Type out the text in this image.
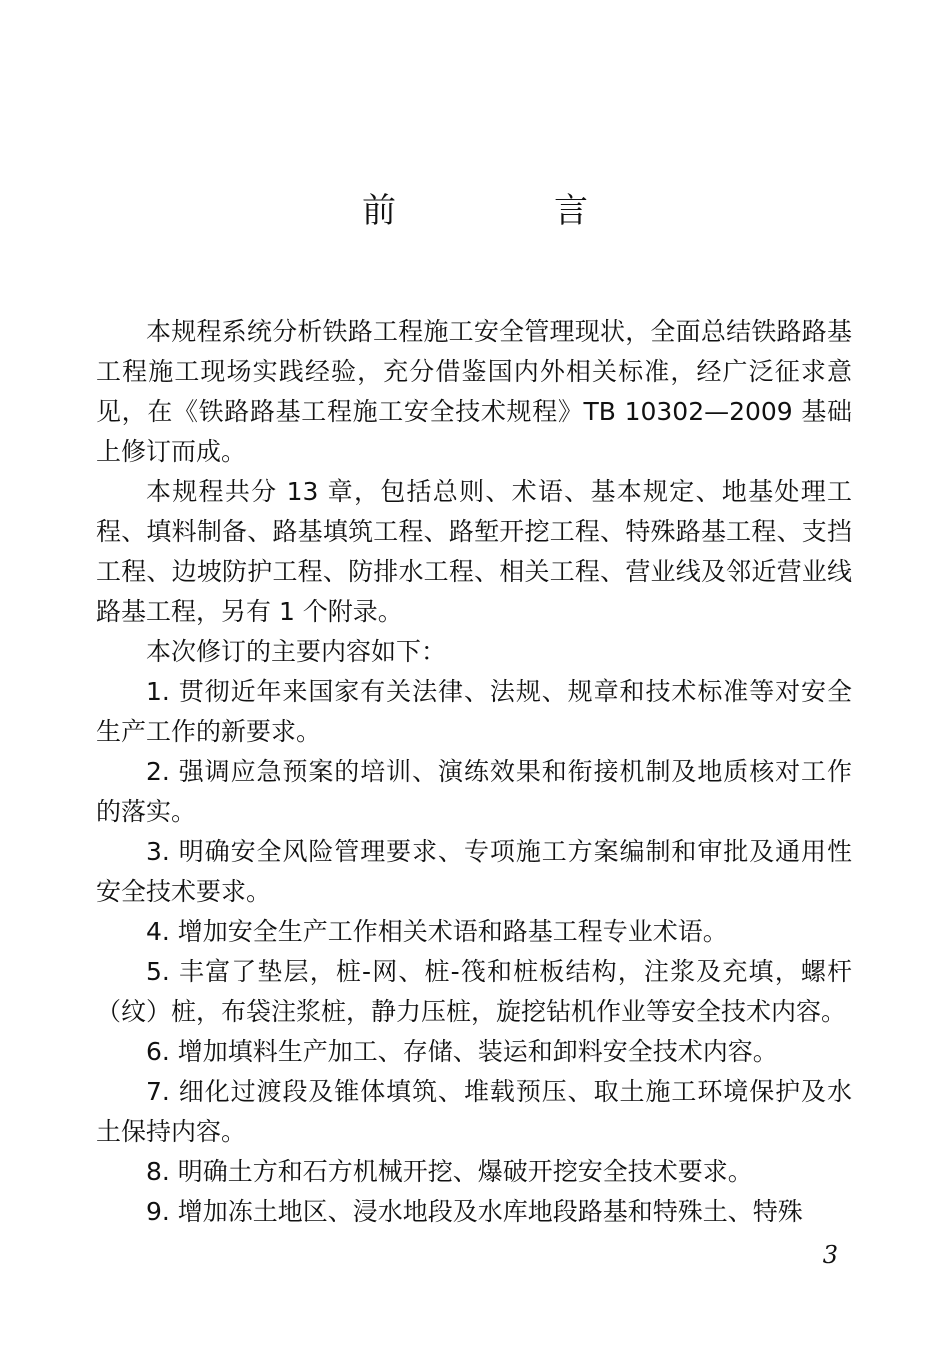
前　言

本规程系统分析铁路工程施工安全管理现状，全面总结铁路路基工程施工现场实践经验，充分借鉴国内外相关标准，经广泛征求意见，在《铁路路基工程施工安全技术规程》TB 10302—2009 基础上修订而成。

本规程共分 13 章，包括总则、术语、基本规定、地基处理工程、填料制备、路基填筑工程、路堑开挖工程、特殊路基工程、支挡工程、边坡防护工程、防排水工程、相关工程、营业线及邻近营业线路基工程，另有 1 个附录。

本次修订的主要内容如下：

1. 贯彻近年来国家有关法律、法规、规章和技术标准等对安全生产工作的新要求。

2. 强调应急预案的培训、演练效果和衔接机制及地质核对工作的落实。

3. 明确安全风险管理要求、专项施工方案编制和审批及通用性安全技术要求。

4. 增加安全生产工作相关术语和路基工程专业术语。

5. 丰富了垫层，桩-网、桩-筏和桩板结构，注浆及充填，螺杆（纹）桩，布袋注浆桩，静力压桩，旋挖钻机作业等安全技术内容。

6. 增加填料生产加工、存储、装运和卸料安全技术内容。

7. 细化过渡段及锥体填筑、堆载预压、取土施工环境保护及水土保持内容。

8. 明确土方和石方机械开挖、爆破开挖安全技术要求。

9. 增加冻土地区、浸水地段及水库地段路基和特殊土、特殊

3
